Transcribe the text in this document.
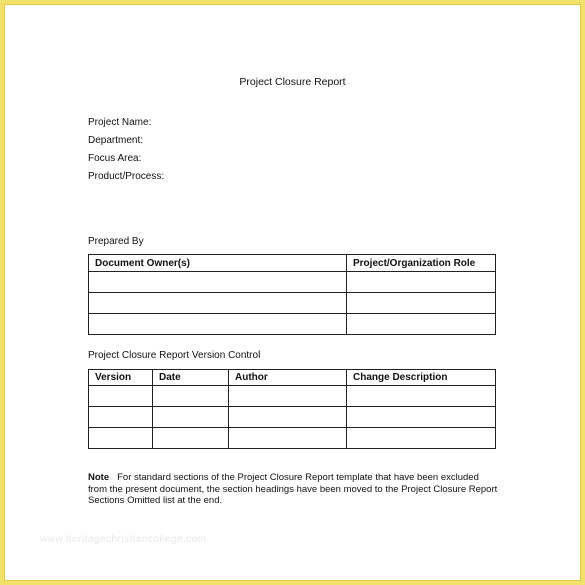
Project Closure Report
Project Name:
Department:
Focus Area:
Product/Process:
Prepared By
Document Owner(s)	Project/Organization Role

Project Closure Report Version Control
Version	Date	Author	Change Description

Note For standard sections of the Project Closure Report template that have been excluded from the present document, the section headings have been moved to the Project Closure Report Sections Omitted list at the end.
www.heritagechristiancollege.com
